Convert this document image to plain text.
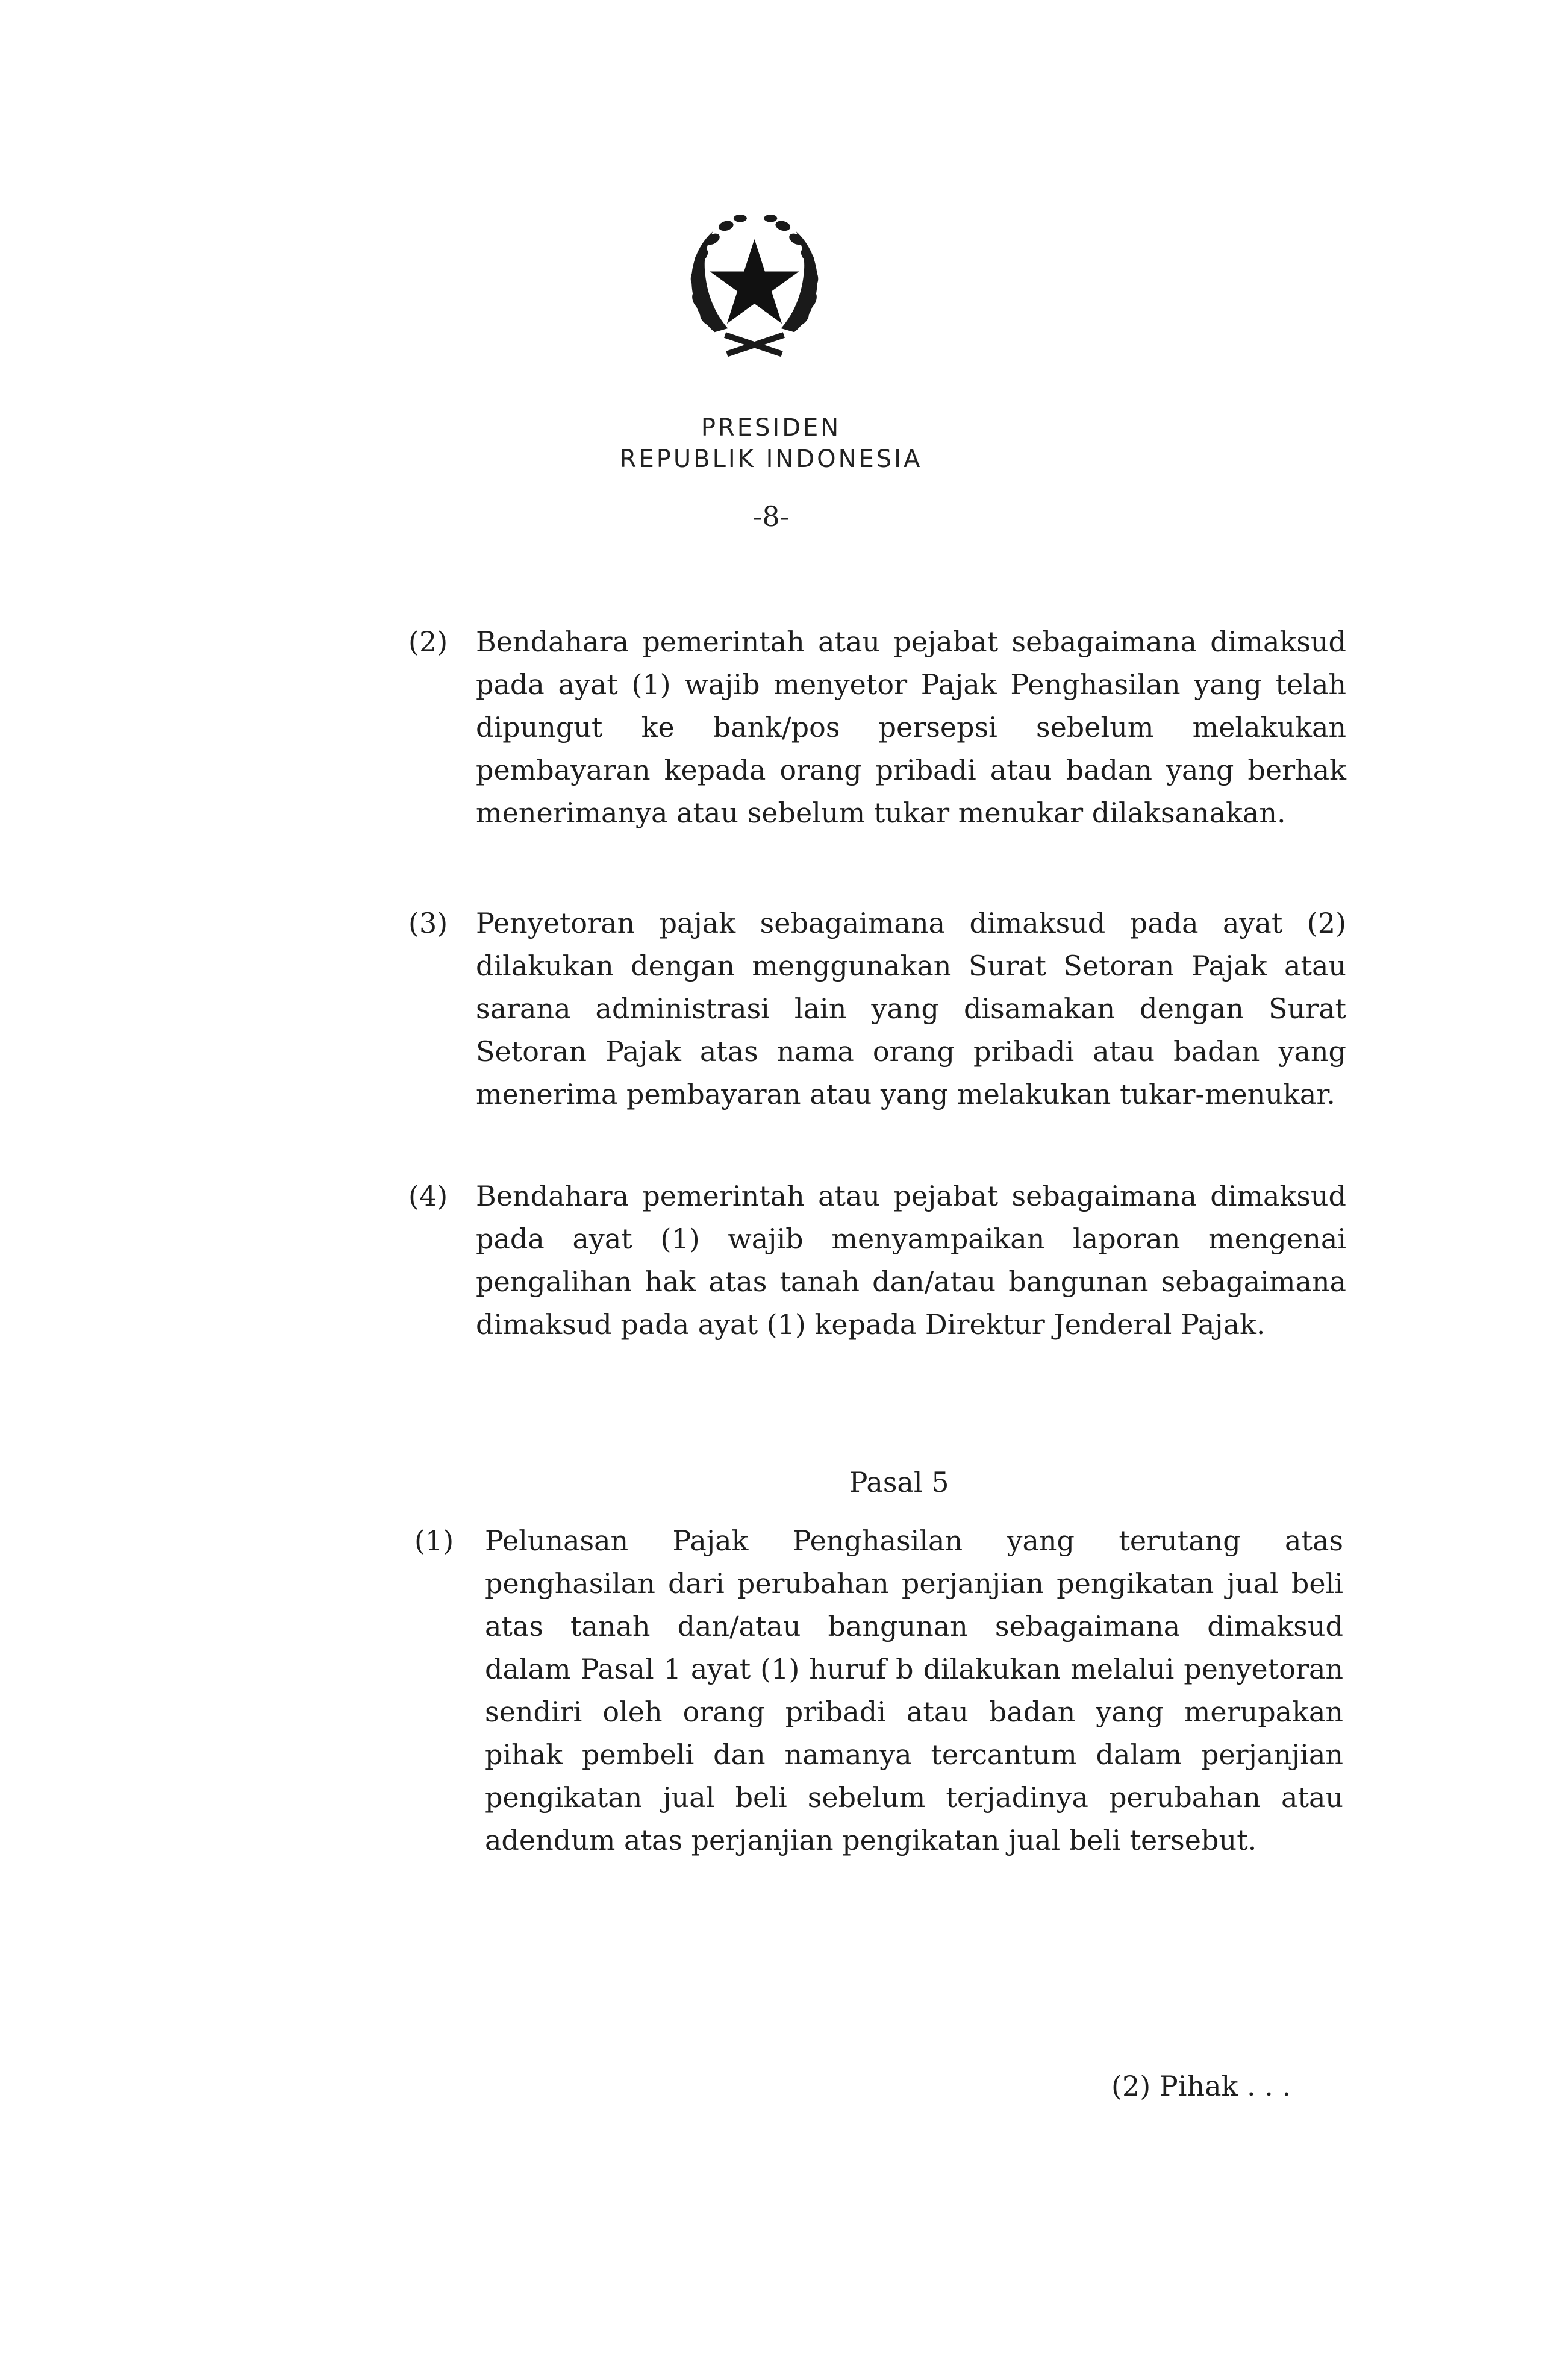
PRESIDEN
REPUBLIK INDONESIA
-8-
(2) Bendahara pemerintah atau pejabat sebagaimana dimaksud pada ayat (1) wajib menyetor Pajak Penghasilan yang telah dipungut ke bank/pos persepsi sebelum melakukan pembayaran kepada orang pribadi atau badan yang berhak menerimanya atau sebelum tukar menukar dilaksanakan.
(3) Penyetoran pajak sebagaimana dimaksud pada ayat (2) dilakukan dengan menggunakan Surat Setoran Pajak atau sarana administrasi lain yang disamakan dengan Surat Setoran Pajak atas nama orang pribadi atau badan yang menerima pembayaran atau yang melakukan tukar-menukar.
(4) Bendahara pemerintah atau pejabat sebagaimana dimaksud pada ayat (1) wajib menyampaikan laporan mengenai pengalihan hak atas tanah dan/atau bangunan sebagaimana dimaksud pada ayat (1) kepada Direktur Jenderal Pajak.
Pasal 5
(1) Pelunasan Pajak Penghasilan yang terutang atas penghasilan dari perubahan perjanjian pengikatan jual beli atas tanah dan/atau bangunan sebagaimana dimaksud dalam Pasal 1 ayat (1) huruf b dilakukan melalui penyetoran sendiri oleh orang pribadi atau badan yang merupakan pihak pembeli dan namanya tercantum dalam perjanjian pengikatan jual beli sebelum terjadinya perubahan atau adendum atas perjanjian pengikatan jual beli tersebut.
(2) Pihak . . .
